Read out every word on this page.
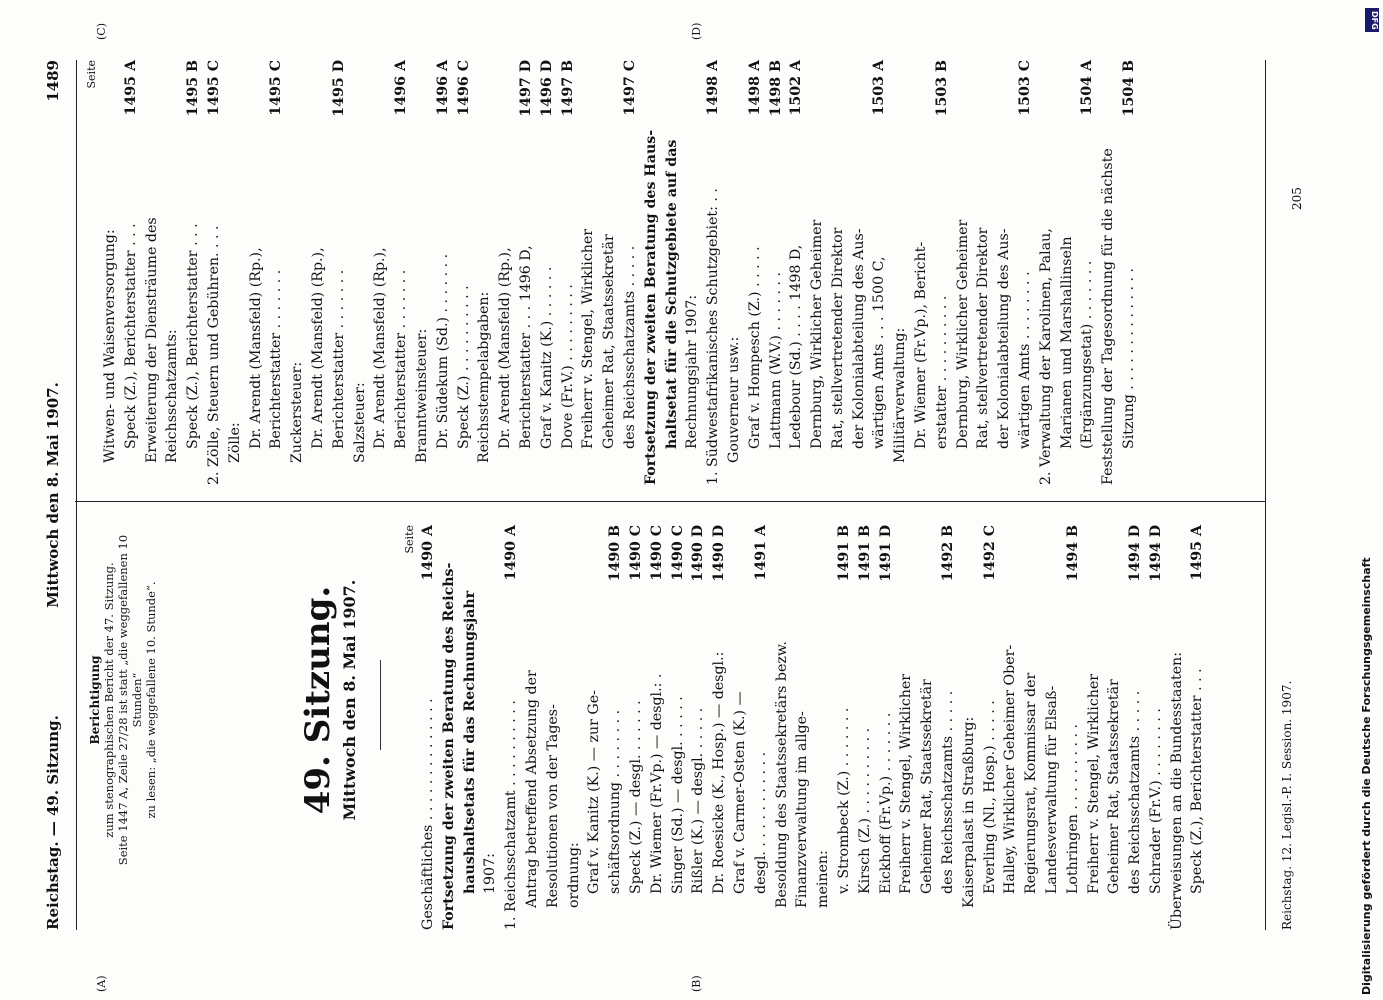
Reichstag. — 49. Sitzung.
Mittwoch den 8. Mai 1907.
1489
(A)	(B)
(C)	(D)
Berichtigung zum stenographischen Bericht der 47. Sitzung. Seite 1447 A, Zeile 27/28 ist statt „die weggefallenen 10 Stunden“ zu lesen: „die weggefallene 10. Stunde“.	49. Sitzung. Mittwoch den 8. Mai 1907.
Seite
Geschäftliches . . . . . . . . . . . . . .
1490 A
Fortsetzung der zweiten Beratung des Reichs- haushaltsetats für das Rechnungsjahr 1907: 1. Reichsschatzamt . . . . . . . . . .
1490 A
Antrag betreffend Absetzung der Resolutionen von der Tages- ordnung: Graf v. Kanitz (K.) — zur Ge- schäftsordnung . . . . . . . .
1490 B
Speck (Z.) — desgl. . . . . . .
1490 C
Dr. Wiemer (Fr.Vp.) — desgl.: .
1490 C
Singer (Sd.) — desgl. . . . . .
1490 C
Rißler (K.) — desgl. . . . . .
1490 D
Dr. Roesicke (K., Hosp.) — desgl.:
1490 D
Graf v. Carmer-Osten (K.) — desgl. . . . . . . . . . . .
1491 A
Besoldung des Staatssekretärs bezw. Finanzverwaltung im allge- meinen: v. Strombeck (Z.) . . . . . . .
1491 B
Kirsch (Z.) . . . . . . . . . .
1491 B
Eickhoff (Fr.Vp.) . . . . . . .
1491 D
Freiherr v. Stengel, Wirklicher Geheimer Rat, Staatssekretär des Reichsschatzamts . . . . .
1492 B
Kaiserpalast in Straßburg: Everling (Nl., Hosp.) . . . . .
1492 C
Halley, Wirklicher Geheimer Ober- Regierungsrat, Kommissar der Landesverwaltung für Elsaß- Lothringen . . . . . . . . . .
1494 B
Freiherr v. Stengel, Wirklicher Geheimer Rat, Staatssekretär des Reichsschatzamts . . . . .
1494 D
Schrader (Fr.V.) . . . . . . . .
1494 D
Überweisungen an die Bundesstaaten: Speck (Z.), Berichterstatter . . .
1495 A
Seite
Witwen- und Waisenversorgung: Speck (Z.), Berichterstatter . . .
1495 A
Erweiterung der Diensträume des Reichsschatzamts: Speck (Z.), Berichterstatter . . .
1495 B
2. Zölle, Steuern und Gebühren. . . .
1495 C
Zölle: Dr. Arendt (Mansfeld) (Rp.), Berichterstatter . . . . . . .
1495 C
Zuckersteuer: Dr. Arendt (Mansfeld) (Rp.), Berichterstatter . . . . . . .
1495 D
Salzsteuer: Dr. Arendt (Mansfeld) (Rp.), Berichterstatter . . . . . . .
1496 A
Branntweinsteuer: Dr. Südekum (Sd.) . . . . . . .
1496 A
Speck (Z.) . . . . . . . . . .
1496 C
Reichsstempelabgaben: Dr. Arendt (Mansfeld) (Rp.), Berichterstatter . . . 1496 D,
1497 D
Graf v. Kanitz (K.) . . . . . .
1496 D
Dove (Fr.V.) . . . . . . . . .
1497 B
Freiherr v. Stengel, Wirklicher Geheimer Rat, Staatssekretär des Reichsschatzamts . . . . .
1497 C
Fortsetzung der zweiten Beratung des Haus- haltsetat für die Schutzgebiete auf das Rechnungsjahr 1907: 1. Südwestafrikanisches Schutzgebiet: . .
1498 A
Gouverneur usw.: Graf v. Hompesch (Z.) . . . . .
1498 A
Lattmann (W.V.) . . . . . . .
1498 B
Ledebour (Sd.) . . . . 1498 D,
1502 A
Dernburg, Wirklicher Geheimer Rat, stellvertretender Direktor der Kolonialabteilung des Aus- wärtigen Amts . . . 1500 C,
1503 A
Militärverwaltung: Dr. Wiemer (Fr.Vp.), Bericht- erstatter . . . . . . . . . .
1503 B
Dernburg, Wirklicher Geheimer Rat, stellvertretender Direktor der Kolonialabteilung des Aus- wärtigen Amts . . . . . . . .
1503 C
2. Verwaltung der Karolinen, Palau, Marianen und Marshallinseln (Ergänzungsetat) . . . . . . .
1504 A
Feststellung der Tagesordnung für die nächste Sitzung . . . . . . . . . . . . . .
1504 B
Reichstag. 12. Legisl.-P. I. Session. 1907.
205
Digitalisierung gefördert durch die Deutsche Forschungsgemeinschaft
DFG
